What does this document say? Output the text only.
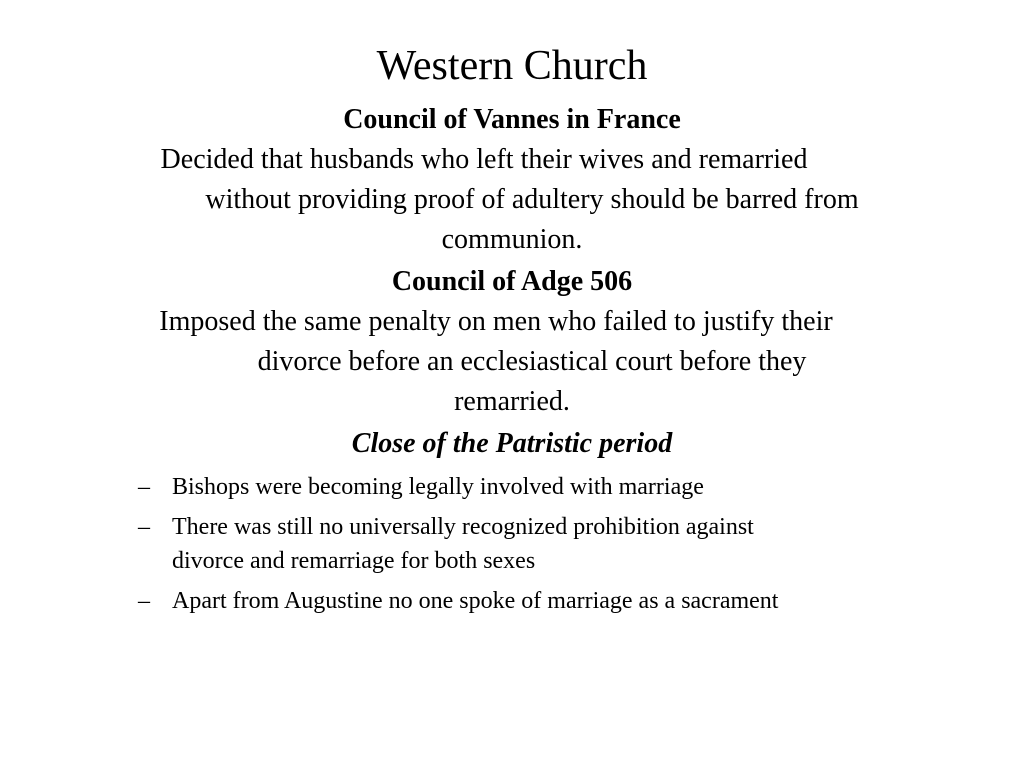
Western Church

Council of Vannes in France

Decided that husbands who left their wives and remarried
without providing proof of adultery should be barred from
communion.

Council of Adge 506

Imposed the same penalty on men who failed to justify their
divorce before an ecclesiastical court before they
remarried.

Close of the Patristic period

– Bishops were becoming legally involved with marriage
– There was still no universally recognized prohibition against
divorce and remarriage for both sexes
– Apart from Augustine no one spoke of marriage as a sacrament
